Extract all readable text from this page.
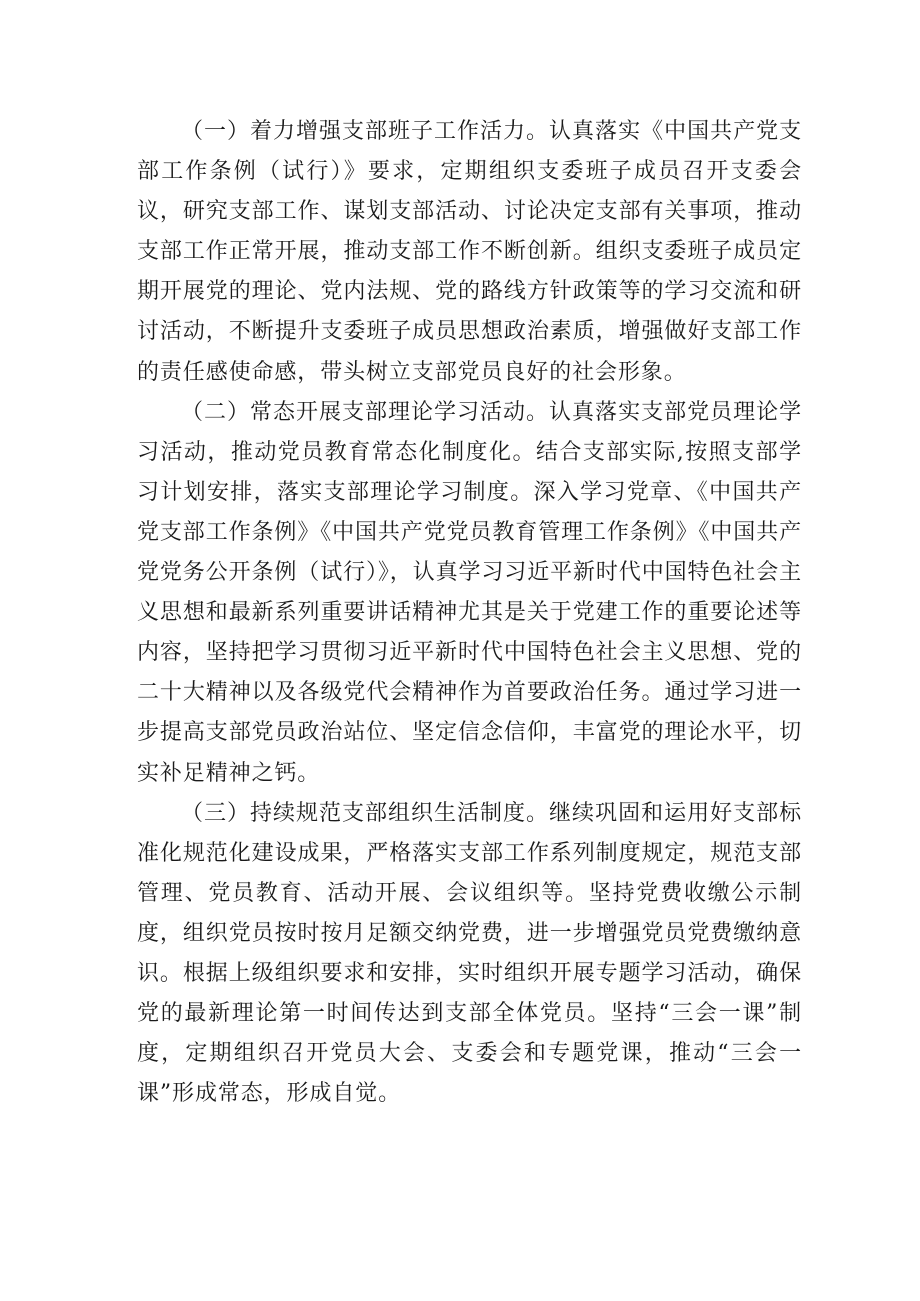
（一）着力增强支部班子工作活力。认真落实《中国共产党支部工作条例（试行）》要求，定期组织支委班子成员召开支委会议，研究支部工作、谋划支部活动、讨论决定支部有关事项，推动支部工作正常开展，推动支部工作不断创新。组织支委班子成员定期开展党的理论、党内法规、党的路线方针政策等的学习交流和研讨活动，不断提升支委班子成员思想政治素质，增强做好支部工作的责任感使命感，带头树立支部党员良好的社会形象。

（二）常态开展支部理论学习活动。认真落实支部党员理论学习活动，推动党员教育常态化制度化。结合支部实际,按照支部学习计划安排，落实支部理论学习制度。深入学习党章、《中国共产党支部工作条例》《中国共产党党员教育管理工作条例》《中国共产党党务公开条例（试行）》，认真学习习近平新时代中国特色社会主义思想和最新系列重要讲话精神尤其是关于党建工作的重要论述等内容，坚持把学习贯彻习近平新时代中国特色社会主义思想、党的二十大精神以及各级党代会精神作为首要政治任务。通过学习进一步提高支部党员政治站位、坚定信念信仰，丰富党的理论水平，切实补足精神之钙。

（三）持续规范支部组织生活制度。继续巩固和运用好支部标准化规范化建设成果，严格落实支部工作系列制度规定，规范支部管理、党员教育、活动开展、会议组织等。坚持党费收缴公示制度，组织党员按时按月足额交纳党费，进一步增强党员党费缴纳意识。根据上级组织要求和安排，实时组织开展专题学习活动，确保党的最新理论第一时间传达到支部全体党员。坚持“三会一课”制度，定期组织召开党员大会、支委会和专题党课，推动“三会一课”形成常态，形成自觉。
